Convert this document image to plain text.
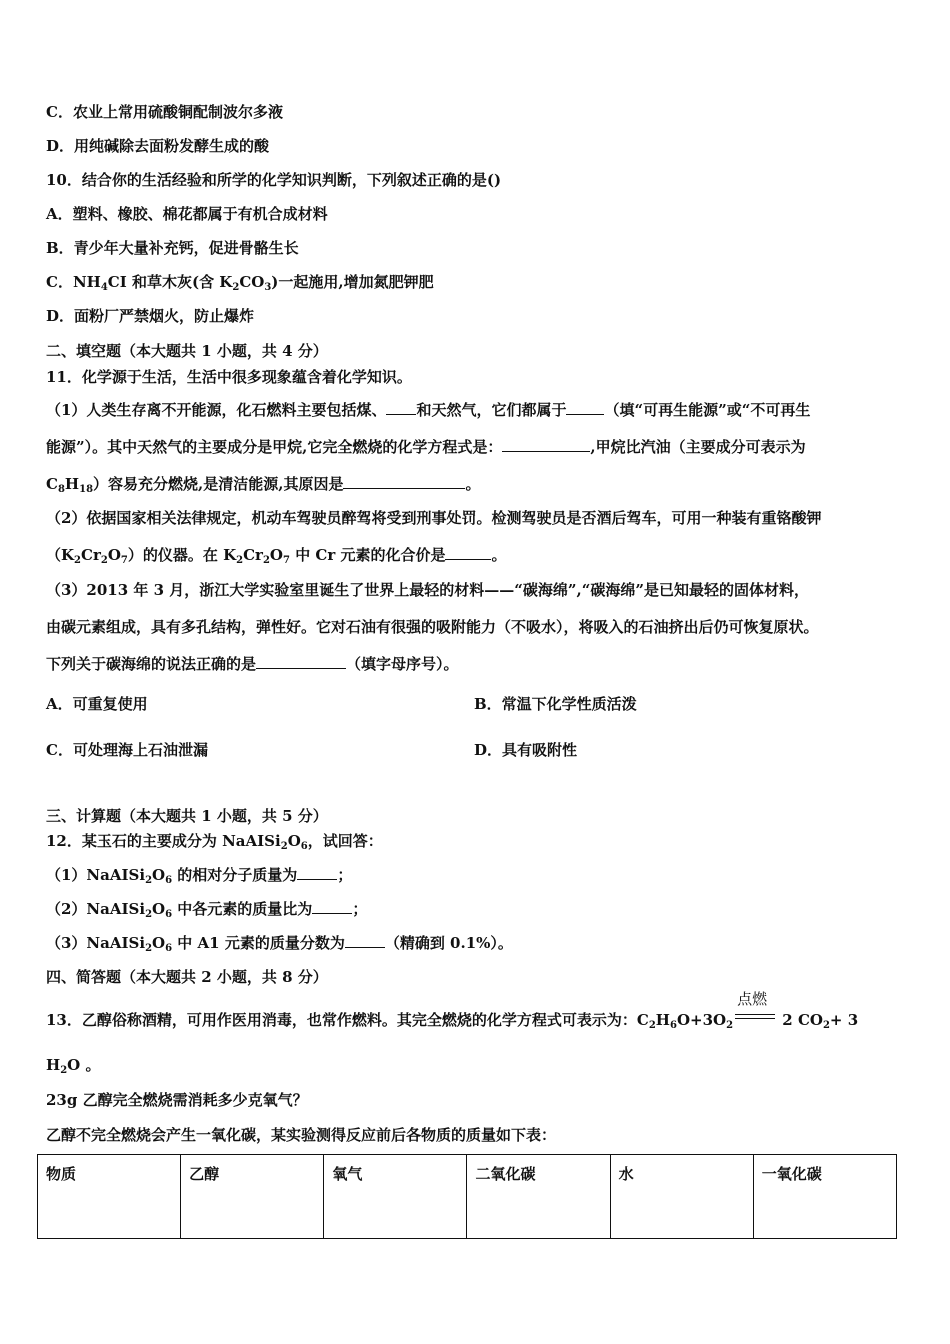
C．农业上常用硫酸铜配制波尔多液
D．用纯碱除去面粉发酵生成的酸
10．结合你的生活经验和所学的化学知识判断，下列叙述正确的是()
A．塑料、橡胶、棉花都属于有机合成材料
B．青少年大量补充钙，促进骨骼生长
C．$NH_4CI$ 和草木灰(含 $K_2CO_3$)一起施用,增加氮肥钾肥
D．面粉厂严禁烟火，防止爆炸
二、填空题（本大题共 1 小题，共 4 分）
11．化学源于生活，生活中很多现象蕴含着化学知识。
（1）人类生存离不开能源，化石燃料主要包括煤、 和天然气，它们都属于	（填“可再生能源”或“不可再生
能源”）。其中天然气的主要成分是甲烷,它完全燃烧的化学方程式是：	,甲烷比汽油（主要成分可表示为
$C_8H_{18}$）容易充分燃烧,是清洁能源,其原因是	。
（2）依据国家相关法律规定，机动车驾驶员醉驾将受到刑事处罚。检测驾驶员是否酒后驾车，可用一种装有重铬酸钾
$(K_2Cr_2O_7)$的仪器。在 $K_2Cr_2O_7$ 中 Cr 元素的化合价是	。
（3）2013 年 3 月，浙江大学实验室里诞生了世界上最轻的材料——“碳海绵”,“碳海绵”是已知最轻的固体材料，
由碳元素组成，具有多孔结构，弹性好。它对石油有很强的吸附能力（不吸水），将吸入的石油挤出后仍可恢复原状。
下列关于碳海绵的说法正确的是	（填字母序号）。
A．可重复使用	B．常温下化学性质活泼
C．可处理海上石油泄漏	D．具有吸附性
三、计算题（本大题共 1 小题，共 5 分）
12．某玉石的主要成分为 $NaAISi_2O_6$，试回答：
$(1)NaAISi_2O_6$ 的相对分子质量为	；
$(2)NaAISi_2O_6$ 中各元素的质量比为	；
$(3)NaAISi_2O_6$ 中 A1 元素的质量分数为	（精确到 0.1%）。
四、简答题（本大题共 2 小题，共 8 分）
13．乙醇俗称酒精，可用作医用消毒，也常作燃料。其完全燃烧的化学方程式可表示为：$C_2H_6O+3O_2$
点燃
2 $CO_2+ 3$
$H_2O$ 。
23g 乙醇完全燃烧需消耗多少克氧气？
乙醇不完全燃烧会产生一氧化碳，某实验测得反应前后各物质的质量如下表：
物质	乙醇	氧气	二氧化碳	水	一氧化碳
